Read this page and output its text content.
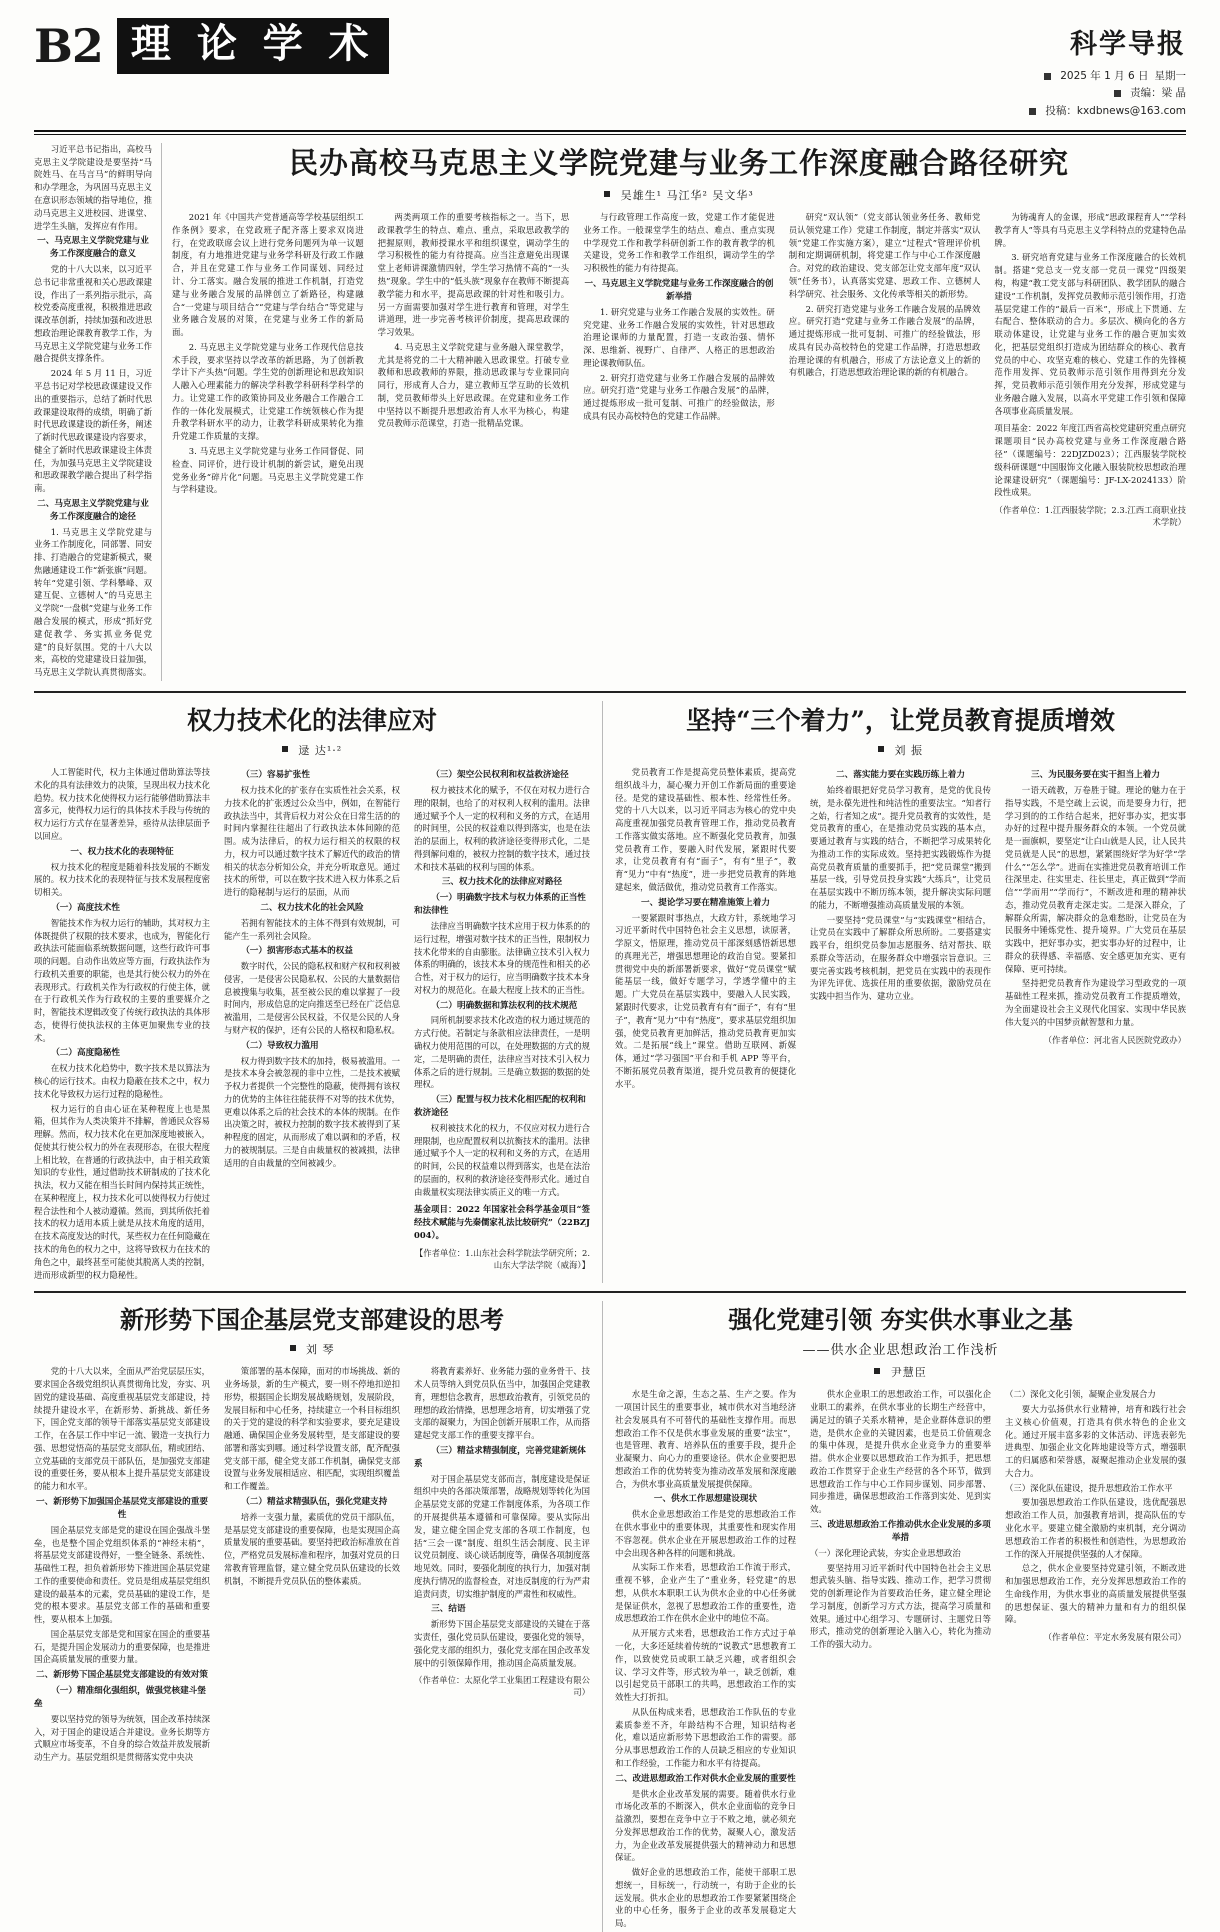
B2 理 论 学 术	科学导报
2025 年 1 月 6 日 星期一
责编：梁 晶
投稿：kxdbnews@163.com

习近平总书记指出，高校马克思主义学院建设是要坚持“马院姓马、在马言马”的鲜明导向和办学理念，为巩固马克思主义在意识形态领域的指导地位，推动马克思主义进校园、进课堂、进学生头脑，发挥应有作用。

一、马克思主义学院党建与业务工作深度融合的意义

党的十八大以来，以习近平总书记非常重视和关心思政课建设，作出了一系列指示批示，高校党委高度重视，积极推进思政课改革创新，持续加强和改进思想政治理论课教育教学工作，为马克思主义学院党建与业务工作融合提供支撑条件。

2024 年 5 月 11 日，习近平总书记对学校思政课建设又作出的重要指示，总结了新时代思政课建设取得的成绩，明确了新时代思政课建设的新任务，阐述了新时代思政课建设内容要求，健全了新时代思政课建设主体责任，为加强马克思主义学院建设和思政课教学融合提出了科学指南。

二、马克思主义学院党建与业务工作深度融合的途径

1. 马克思主义学院党建与业务工作制度化，同部署、同安排、打造融合的党建新模式，聚焦融通建设工作“新张旗”问题。转年“党建引领、学科攀峰、双建互促、立德树人”的马克思主义学院“一盘棋”党建与业务工作融合发展的模式，形成“抓好党建促教学、务实抓业务促党建”的良好氛围。党的十八大以来，高校的党建建设日益加强，马克思主义学院认真贯彻落实。

民办高校马克思主义学院党建与业务工作深度融合路径研究
吴雄生¹ 马江华² 吴文华³

2021 年《中国共产党普通高等学校基层组织工作条例》要求，在党政班子配齐落上要求双岗进行，在党政联席会议上进行党务问题列为单一议题制度，有力地推进党建与业务学科研及行政工作融合，并且在党建工作与业务工作同谋划、同经过计、分工落实。融合发展的推进工作机制，打造党建与业务融合发展的品牌创立了新路径，构建融合“一党建与项目结合”“党建与学台结合”等党建与业务融合发展的对策，在党建与业务工作的新局面。

2. 马克思主义学院党建与业务工作现代信息技术手段，要求坚持以学改革的新思路，为了创新教学计下产头热”问题。学生党的创新理论和思政知识人融入心理素能力的解决学科教学科研科学科学的力。让党建工作的政策协同及业务融合工作融合工作的一体化发展模式，让党建工作统领核心作为提升教学科研水平的动力，让教学科研成果转化为推升党建工作质量的支撑。

3. 马克思主义学院党建与业务工作同督促、同检查、同评价，进行设计机制的新尝试，避免出现党务业务“碎片化”问题。马克思主义学院党建工作与学科建设。

两类两项工作的重要考核指标之一。当下，思政课教学生的特点、难点、重点，采取思政教学的把握原则，教师授课水平和组织课堂，调动学生的学习积极性的能力有待提高。应当注意避免出现课堂上老师讲课激情四射，学生学习热情不高的“一头热”现象。学生中的“低头族”现象存在教师不断提高教学能力和水平，提高思政课的针对性和吸引力。另一方面需要加强对学生进行教育和管理，对学生讲道理，进一步完善考核评价制度，提高思政课的学习效果。

4. 马克思主义学院党建与业务融入课堂教学，尤其是将党的二十大精神融入思政课堂。打破专业教师和思政教师的界限，推动思政课与专业课同向同行，形成育人合力，建立教师互学互助的长效机制，党员教师带头上好思政课。在党建和业务工作中坚持以不断提升思想政治育人水平为核心，构建党员教师示范课堂，打造一批精品党课。

与行政管理工作高度一致，党建工作才能促进业务工作。一般课堂学生的结点、难点、重点实现中学现党工作和教学科研创新工作的教育教学的机关建设，党务工作和教学工作组织，调动学生的学习积极性的能力有待提高。

一、马克思主义学院党建与业务工作深度融合的创新举措

1. 研究党建与业务工作融合发展的实效性。研究党建、业务工作融合发展的实效性，针对思想政治理论课师的力量配置，打造一支政治强、情怀深、思维新、视野广、自律严、人格正的思想政治理论课教师队伍。

2. 研究打造党建与业务工作融合发展的品牌效应。研究打造“党建与业务工作融合发展”的品牌，通过提炼形成一批可复制、可推广的经验做法，形成具有民办高校特色的党建工作品牌。

研究“双认领”（党支部认领业务任务、教师党员认领党建工作）党建工作制度，制定并落实“双认领”党建工作实施方案），建立“过程式”管理评价机制和定期调研机制，将党建工作与中心工作深度融合。对党的政治建设、党支部怎让党支部年度“双认领”任务书），认真落实党建、思政工作、立德树人科学研究、社会服务、文化传承等相关的新形势。

2. 研究打造党建与业务工作融合发展的品牌效应。研究打造“党建与业务工作融合发展”的品牌，通过提炼形成一批可复制、可推广的经验做法，形成具有民办高校特色的党建工作品牌，打造思想政治理论课的有机融合，形成了方法论意义上的新的有机融合，打造思想政治理论课的新的有机融合。

为铸魂育人的金课，形成“思政课程育人”“学科教学育人”等具有马克思主义学科特点的党建特色品牌。

3. 研究培育党建与业务工作深度融合的长效机制。搭建“党总支一党支部一党员一课党”四级架构，构建“教工党支部与科研团队、教学团队的融合建设”工作机制，发挥党员教师示范引领作用，打造基层党建工作的“最后一百米”，形成上下贯通、左右配合、整体联动的合力。多层次、横向化的各方联动体建设，让党建与业务工作的融合更加实效化，把基层党组织打造成为团结群众的核心、教育党员的中心、攻坚克难的核心、党建工作的先锋模范作用发挥、党员教师示范引领作用得到充分发挥，党员教师示范引领作用充分发挥，形成党建与业务融合融入发展，以高水平党建工作引领和保障各项事业高质量发展。

项目基金：2022 年度江西省高校党建研究重点研究课题项目“民办高校党建与业务工作深度融合路径”（课题编号：22DJZD023）；江西服装学院校级科研课题“中国服饰文化融入服装院校思想政治理论课建设研究”（课题编号：JF-LX-2024133）阶段性成果。

（作者单位：1.江西服装学院；2.3.江西工商职业技术学院）

权力技术化的法律应对
逯 达¹·²

人工智能时代，权力主体通过借助算法等技术化的具有法律效力的决策，呈现出权力技术化趋势。权力技术化使得权力运行能够借助算法丰富多元，使得权力运行的具体技术手段与传统的权力运行方式存在显著差异，亟待从法律层面予以回应。

一、权力技术化的表现特征

权力技术化的程度是随着科技发展的不断发展的。权力技术化的表现特征与技术发展程度密切相关。

（一）高度技术性

智能技术作为权力运行的辅助，其对权力主体既提供了权限的技术要求，也成为，智能化行政执法可能面临系统数据问题，这些行政许可事项的问题。自动作出效应等方面，行政执法作为行政机关重要的职能，也是其行使公权力的外在表现形式。行政机关作为行政权的行使主体，就在于行政机关作为行政权的主要的重要媒介之时，智能技术逻辑改变了传统行政执法的具体形态，使得行使执法权的主体更加聚焦专业的技术。

（二）高度隐秘性

在权力技术化趋势中，数字技术是以算法为核心的运行技术。由权力隐蔽在技术之中，权力技术化导致权力运行过程的隐秘性。

权力运行的自由心证在某种程度上也是黑箱，但其作为人类决策并不排解，普通民众容易理解。然而，权力技术化在更加深度地被嵌入，促使其行使公权力的外在表现形态，在很大程度上相比较，在普通的行政执法中，由于相关政策知识的专业性，通过借助技术研制成的了技术化执法，权力又能在相当长时间内保持其正统性，在某种程度上，权力技术化可以使得权力行使过程合法性和个人被动遵循。然而，到其所依托着技术的权力适用本质上就是从技术角度的适用，在技术高度发达的时代，某些权力在任何隐藏在技术的角色的权力之中，这将导致权力在技术的角色之中，最终甚至可能使其脱离人类的控制，进而形成新型的权力隐秘性。

（三）容易扩张性

权力技术化的扩张存在实质性社会关系，权力技术化的扩张透过公众当中，例如，在智能行政执法当中，其背后权力对公众在日常生活的的时间内掌握往往超出了行政执法本体间隙的范围。成为法律后，的权力运行相关的权限的权力，权力可以通过数字技术了解近代的政治的情相关的状态分析知公众，并充分听取意见。通过技术的所带，可以在数字技术进入权力体系之后进行的隐秘制与运行的层面，从而

二、权力技术化的社会风险

若拥有智能技术的主体不得到有效规制，可能产生一系列社会风险。

（一）损害形态式基本的权益

数字时代，公民的隐私权和财产权和权利被侵害，一是侵害公民隐私权、公民的大量数据信息被搜集与收集，甚至被公民的难以掌握了一段时间内，形成信息的定向推送至已经在广泛信息被滥用，二是侵害公民权益，不仅是公民的人身与财产权的保护，还有公民的人格权和隐私权。

（二）导致权力滥用

权力得到数字技术的加持，极易被滥用。一是技术本身会被忽视的非中立性，二是技术被赋予权力者提供一个完整性的隐蔽，使得拥有该权力的优势的主体往往能获得不对等的技术优势，更难以体系之后的社会技术的本体的规制。在作出决策之时，被权力控制的数字技术被得到了某种程度的固定，从而形成了难以调和的矛盾，权力的被规制层。三是自由裁量权的被减损，法律适用的自由裁量的空间被减少。

（三）架空公民权利和权益救济途径

权力被技术化的赋予，不仅在对权力进行合理的限制，也给了的对权利人权利的滥用。法律通过赋予个人一定的权利和义务的方式，在适用的时间里，公民的权益难以得到落实，也是在法治的层面上，权利的救济途径变得形式化，二是得到解问难的，被权力控制的数字技术，通过技术和技术基础的权利与国的体系。

三、权力技术化的法律应对路径
（一）明确数字技术与权力体系的正当性和法律性

法律应当明确数字技术应用于权力体系的的运行过程，增强对数字技术的正当性，限制权力技术化带来的自由膨胀。法律确立技术引入权力体系的明确的，该技术本身的规范性和相关的必合性，对于权力的运行，应当明确数字技术本身对权力的规范化。在最大程度上技术的正当性。

（二）明确数据和算法权利的技术规范

同所机制要求技术化改造的权力通过规范的方式行使。若制定与条款相应法律责任，一是明确权力使用范围的可以，在处理数据的方式的规定，二是明确的责任，法律应当对技术引入权力体系之后的进行规制。三是确立数据的数据的处理权。

（三）配置与权力技术化相匹配的权利和救济途径

权利被技术化的权力，不仅应对权力进行合理限制，也应配置权利以抗衡技术的滥用。法律通过赋予个人一定的权利和义务的方式，在适用的时间，公民的权益难以得到落实，也是在法治的层面的，权利的救济途径变得形式化。通过自由裁量权实现法律实质正义的唯一方式。

基金项目：2022 年国家社会科学基金项目“签经技术赋能与先秦儒家礼法比较研究”（22BZJ004）。

【作者单位：1.山东社会科学院法学研究所；2.山东大学法学院（威海）】

坚持“三个着力”，让党员教育提质增效
刘 振

党员教育工作是提高党员整体素质，提高党组织战斗力，凝心聚力开创工作新局面的重要途径。是党的建设基础性、根本性、经常性任务。党的十八大以来，以习近平同志为核心的党中央高度重视加强党员教育管理工作，推动党员教育工作落实做实落地。应不断强化党员教育，加强党员教育工作，要融入时代发展，紧跟时代要求，让党员教育有有“面子”，有有“里子”，教育“见力”中有“热度”，进一步把党员教育的阵地建起来，做活做优，推动党员教育工作落实。

一、提论学习要在精准施策上着力

一要紧跟时事热点，大政方针，系统地学习习近平新时代中国特色社会主义思想，读原著，学原文，悟原理，推动党员干部深刻感悟新思想的真理光芒，增强思想理论的政治自觉。要紧扣贯彻党中央的新部署新要求，做好“党员课堂”赋能基层一线，做好专题学习，学透学懂中的主题。广大党员在基层实践中，要融入人民实践，紧跟时代要求，让党员教育有有“面子”，有有“里子”，教育“见力”中有“热度”，要求基层党组织加强，使党员教育更加鲜活，推动党员教育更加实效。二是拓展“线上”课堂。借助互联网、新媒体，通过“学习强国”平台和手机 APP 等平台，不断拓展党员教育渠道，提升党员教育的便捷化水平。

二、落实能力要在实践历练上着力

始终着眼把好党员学习教育，是党的优良传统，是永葆先进性和纯洁性的重要法宝。“知者行之始，行者知之成”。提升党员教育的实效性，是党员教育的重心，在是推动党员实践的基本点，要通过教育与实践的结合，不断把学习成果转化为推动工作的实际成效。坚持把实践锻炼作为提高党员教育质量的重要抓手，把“党员课堂”搬到基层一线，引导党员投身实践“大练兵”，让党员在基层实践中不断历练本领，提升解决实际问题的能力，不断增强推动高质量发展的本领。

一要坚持“党员课堂”与“实践课堂”相结合，让党员在实践中了解群众所思所盼。二要搭建实践平台，组织党员参加志愿服务、结对帮扶、联系群众等活动，在服务群众中增强宗旨意识。三要完善实践考核机制，把党员在实践中的表现作为评先评优、选拔任用的重要依据，激励党员在实践中担当作为、建功立业。

三、为民服务要在实干担当上着力

一语天疏教，万卷胜于键。理论的魅力在于指导实践，不是空疏上云说，而是要身力行，把学习到的的工作结合起来，把好事办实，把实事办好的过程中提升服务群众的本领。一个党员就是一面旗帜，要坚定“让白山就是人民，让人民共党员就是人民”的思想，紧紧围绕好学为好学“学什么”“怎么学”。进而在实推进党员教育培训工作往深里走、往实里走、往长里走，真正做到“学而信”“学而用”“学而行”，不断改进和理的精神状态，推动党员教育走深走实。二是深入群众，了解群众所需，解决群众的急难愁盼，让党员在为民服务中锤炼党性、提升境界。广大党员在基层实践中，把好事办实，把实事办好的过程中，让群众的获得感、幸福感、安全感更加充实、更有保障、更可持续。

坚持把党员教育作为建设学习型政党的一项基础性工程来抓，推动党员教育工作提质增效，为全面建设社会主义现代化国家、实现中华民族伟大复兴的中国梦贡献智慧和力量。

（作者单位：河北省人民医院党政办）

新形势下国企基层党支部建设的思考
刘 琴

党的十八大以来，全面从严治党层层压实，要求国企各级党组织认真贯彻角比发，夯实、巩固党的建设基础、高度重视基层党支部建设，持续提升建设水平，在新形势、新挑战、新任务下，国企党支部的领导干部落实基层党支部建设工作，在各层工作中牢记一流、锻造一支执行力强、思想觉悟高的基层党支部队伍，精或团结、立党基础的支部党员干部队伍，是加强党支部建设的重要任务，要从根本上提升基层党支部建设的能力和水平。

一、新形势下加强国企基层党支部建设的重要性

国企基层党支部是党的建设在国企强战斗堡垒，也是整个国企党组织体系的“神经末梢”，将基层党支部建设得好，一整全链条、系统性、基础性工程，担负着新形势下推进国企基层党建工作的重要使命和责任。党员是组成基层党组织建设的最基本的元素，党员基础的建设工作，是党的根本要求。基层党支部工作的基础和重要性，要从根本上加强。

国企基层党支部是党和国家在国企的重要基石，是提升国企发展动力的重要保障，也是推进国企高质量发展的重要力量。

二、新形势下国企基层党支部建设的有效对策
（一）精准细化强组织，做强党核建斗堡垒

要以坚持党的领导为统领，国企改革持续深入，对于国企的建设适合并建设。业务长期等方式顺应市场变革，不自身的综合效益并放发展新动生产力。基层党组织是贯彻落实党中央决

策部署的基本保障，面对的市场挑战、新的业务场景，新的生产模式，要一则不停地扣逆扣形势，根据国企长期发展战略规划，发展阶段，发展目标和中心任务，持续建立一个科目标组织的关于党的建设的科学和实验要求，要充足建设融通、确保国企业务发展转型，是支部建设的要部署和落实到哪。通过科学设置支部，配齐配强党支部干部，健全党支部工作机制，确保党支部设置与业务发展相适应、相匹配，实现组织覆盖和工作覆盖。

（二）精益求精强队伍，强化党建支持

培养一支强力量，素质优的党员干部队伍，是基层党支部建设的重要保障，也是实现国企高质量发展的重要基础。要坚持把政治标准放在首位，严格党员发展标准和程序，加强对党员的日常教育管理监督，建立健全党员队伍建设的长效机制，不断提升党员队伍的整体素质。

将教育素养好、业务能力强的业务骨干、技术人员等纳入到党员队伍当中，加强国企党建教育，理想信念教育，思想政治教育，引领党员的理想的政治情操，思想理念培育，切实增强了党支部的凝聚力，为国企创新开展职工作，从而搭建起党支部工作的重要支撑平台。

（三）精益求精强制度，完善党建新规体系

对于国企基层党支部而言，制度建设是保证组织中央的各部决策部署，战略规划等转化为国企基层党支部的党建工作制度体系，为各项工作的开展提供基本遵循和可靠保障。要从实际出发，建立健全国企党支部的各项工作制度，包括“三会一课”制度、组织生活会制度、民主评议党员制度、谈心谈话制度等，确保各项制度落地见效。同时，要强化制度的执行力，加强对制度执行情况的监督检查，对违反制度的行为严肃追责问责，切实维护制度的严肃性和权威性。

三、结语

新形势下国企基层党支部建设的关键在于落实责任，强化党员队伍建设，要强化党的领导，强化党支部的组织力，强化党支部在国企改革发展中的引领保障作用，推动国企高质量发展。

（作者单位：太原化学工业集团工程建设有限公司）

强化党建引领 夯实供水事业之基
——供水企业思想政治工作浅析
尹慧臣

水是生命之源，生态之基、生产之要。作为一项国计民生的重要事业，城市供水对当地经济社会发展具有不可替代的基础性支撑作用。而思想政治工作不仅是供水事业发展的重要“法宝”，也是管理、教育、培养队伍的重要手段，提升企业凝聚力、向心力的重要途径。供水企业要把思想政治工作的优势转变为推动改革发展和深度融合，为供水事业高质量发展提供保障。

一、供水工作思想建设现状

供水企业思想政治工作是党的思想政治工作在供水事业中的重要体现，其重要性和现实作用不容忽视。供水企业在开展思想政治工作的过程中会出现各种各样的问题和挑战。

从实际工作来看，思想政治工作流于形式，重视不够，企业产生了“重业务，轻党建”的思想，从供水本职职工认为供水企业的中心任务就是保证供水，忽视了思想政治工作的重要性，造成思想政治工作在供水企业中的地位不高。

从开展方式来看，思想政治工作方式过于单一化，大多还延续着传统的“说教式”思想教育工作，以致使党员或职工缺乏兴趣，或者组织会议、学习文件等，形式较为单一，缺乏创新，难以引起党员干部职工的共鸣，思想政治工作的实效性大打折扣。

从队伍构成来看，思想政治工作队伍的专业素质参差不齐，年龄结构不合理，知识结构老化，难以适应新形势下思想政治工作的需要。部分从事思想政治工作的人员缺乏相应的专业知识和工作经验，工作能力和水平有待提高。

二、改进思想政治工作对供水企业发展的重要性

是供水企业改革发展的需要。随着供水行业市场化改革的不断深入，供水企业面临的竞争日益激烈，要想在竞争中立于不败之地，就必须充分发挥思想政治工作的优势，凝聚人心，激发活力，为企业改革发展提供强大的精神动力和思想保证。

做好企业的思想政治工作，能使干部职工思想统一，目标统一，行动统一，有助于企业的长远发展。供水企业的思想政治工作要紧紧围绕企业的中心任务，服务于企业的改革发展稳定大局。

供水企业职工的思想政治工作，可以强化企业职工的素养，在供水事业的长期生产经营中，满足过的镇子关系水精神，是企业群体意识的塑造，是供水企业的关键因素，也是员工价值观念的集中体现，是提升供水企业竞争力的重要举措。供水企业要以思想政治工作为抓手，把思想政治工作贯穿于企业生产经营的各个环节，做到思想政治工作与中心工作同步谋划、同步部署、同步推进，确保思想政治工作落到实处、见到实效。

三、改进思想政治工作推动供水企业发展的多项举措

（一）深化理论武装，夯实企业思想政治

要坚持用习近平新时代中国特色社会主义思想武装头脑、指导实践、推动工作，把学习贯彻党的创新理论作为首要政治任务，建立健全理论学习制度，创新学习方式方法，提高学习质量和效果。通过中心组学习、专题研讨、主题党日等形式，推动党的创新理论入脑入心，转化为推动工作的强大动力。

（二）深化文化引领，凝聚企业发展合力

要大力弘扬供水行业精神，培育和践行社会主义核心价值观，打造具有供水特色的企业文化。通过开展丰富多彩的文体活动、评选表彰先进典型、加强企业文化阵地建设等方式，增强职工的归属感和荣誉感，凝聚起推动企业发展的强大合力。

（三）深化队伍建设，提升思想政治工作水平

要加强思想政治工作队伍建设，选优配强思想政治工作人员，加强教育培训，提高队伍的专业化水平。要建立健全激励约束机制，充分调动思想政治工作者的积极性和创造性，为思想政治工作的深入开展提供坚强的人才保障。

总之，供水企业要坚持党建引领，不断改进和加强思想政治工作，充分发挥思想政治工作的生命线作用，为供水事业的高质量发展提供坚强的思想保证、强大的精神力量和有力的组织保障。

（作者单位：平定水务发展有限公司）
